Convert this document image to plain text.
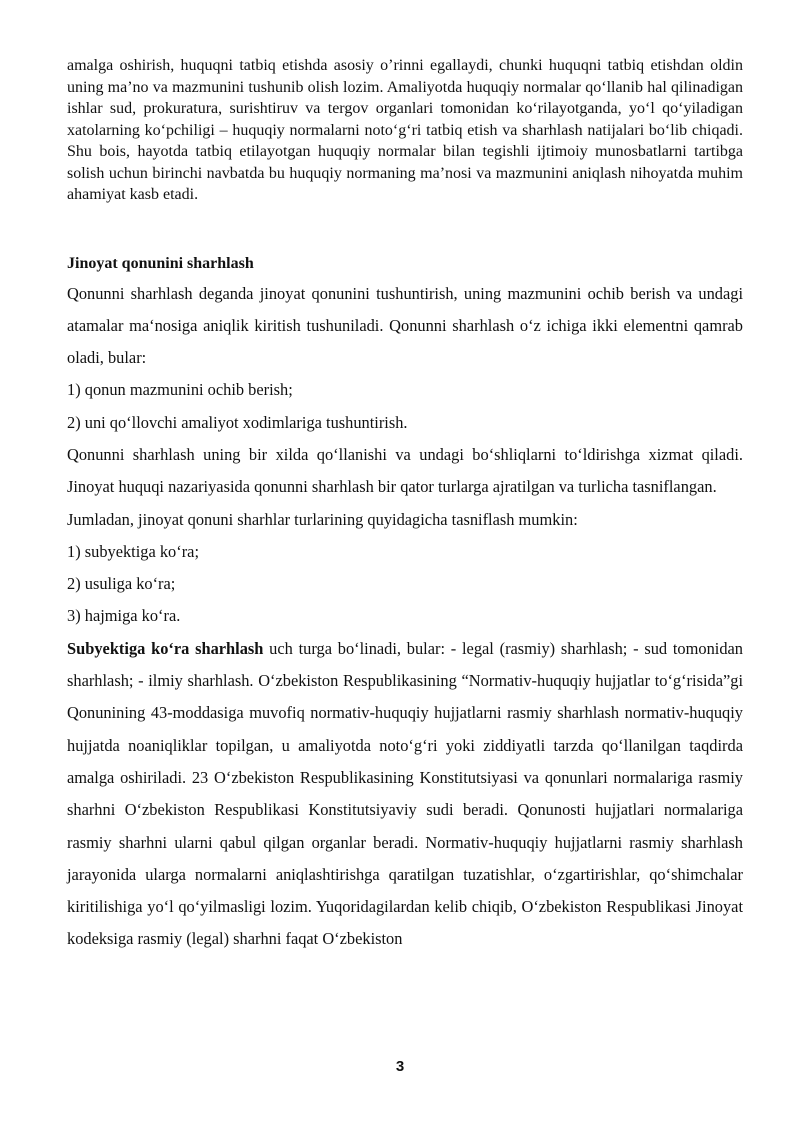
amalga oshirish, huquqni tatbiq etishda asosiy o’rinni egallaydi, chunki huquqni tatbiq etishdan oldin uning ma’no va mazmunini tushunib olish lozim. Amaliyotda huquqiy normalar qo‘llanib hal qilinadigan ishlar sud, prokuratura, surishtiruv va tergov organlari tomonidan ko‘rilayotganda, yo‘l qo‘yiladigan xatolarning ko‘pchiligi – huquqiy normalarni noto‘g‘ri tatbiq etish va sharhlash natijalari bo‘lib chiqadi. Shu bois, hayotda tatbiq etilayotgan huquqiy normalar bilan tegishli ijtimoiy munosbatlarni tartibga solish uchun birinchi navbatda bu huquqiy normaning ma’nosi va mazmunini aniqlash nihoyatda muhim ahamiyat kasb etadi.

Jinoyat qonunini sharhlash

Qonunni sharhlash deganda jinoyat qonunini tushuntirish, uning mazmunini ochib berish va undagi atamalar ma‘nosiga aniqlik kiritish tushuniladi. Qonunni sharhlash o‘z ichiga ikki elementni qamrab oladi, bular:

1) qonun mazmunini ochib berish;

2) uni qo‘llovchi amaliyot xodimlariga tushuntirish.

Qonunni sharhlash uning bir xilda qo‘llanishi va undagi bo‘shliqlarni to‘ldirishga xizmat qiladi. Jinoyat huquqi nazariyasida qonunni sharhlash bir qator turlarga ajratilgan va turlicha tasniflangan.

Jumladan, jinoyat qonuni sharhlar turlarining quyidagicha tasniflash mumkin:

1) subyektiga ko‘ra;

2) usuliga ko‘ra;

3) hajmiga ko‘ra.

Subyektiga ko‘ra sharhlash uch turga bo‘linadi, bular: - legal (rasmiy) sharhlash; - sud tomonidan sharhlash; - ilmiy sharhlash. O‘zbekiston Respublikasining “Normativ-huquqiy hujjatlar to‘g‘risida”gi Qonunining 43-moddasiga muvofiq normativ-huquqiy hujjatlarni rasmiy sharhlash normativ-huquqiy hujjatda noaniqliklar topilgan, u amaliyotda noto‘g‘ri yoki ziddiyatli tarzda qo‘llanilgan taqdirda amalga oshiriladi. 23 O‘zbekiston Respublikasining Konstitutsiyasi va qonunlari normalariga rasmiy sharhni O‘zbekiston Respublikasi Konstitutsiyaviy sudi beradi. Qonunosti hujjatlari normalariga rasmiy sharhni ularni qabul qilgan organlar beradi. Normativ-huquqiy hujjatlarni rasmiy sharhlash jarayonida ularga normalarni aniqlashtirishga qaratilgan tuzatishlar, o‘zgartirishlar, qo‘shimchalar kiritilishiga yo‘l qo‘yilmasligi lozim. Yuqoridagilardan kelib chiqib, O‘zbekiston Respublikasi Jinoyat kodeksiga rasmiy (legal) sharhni faqat O‘zbekiston

3
